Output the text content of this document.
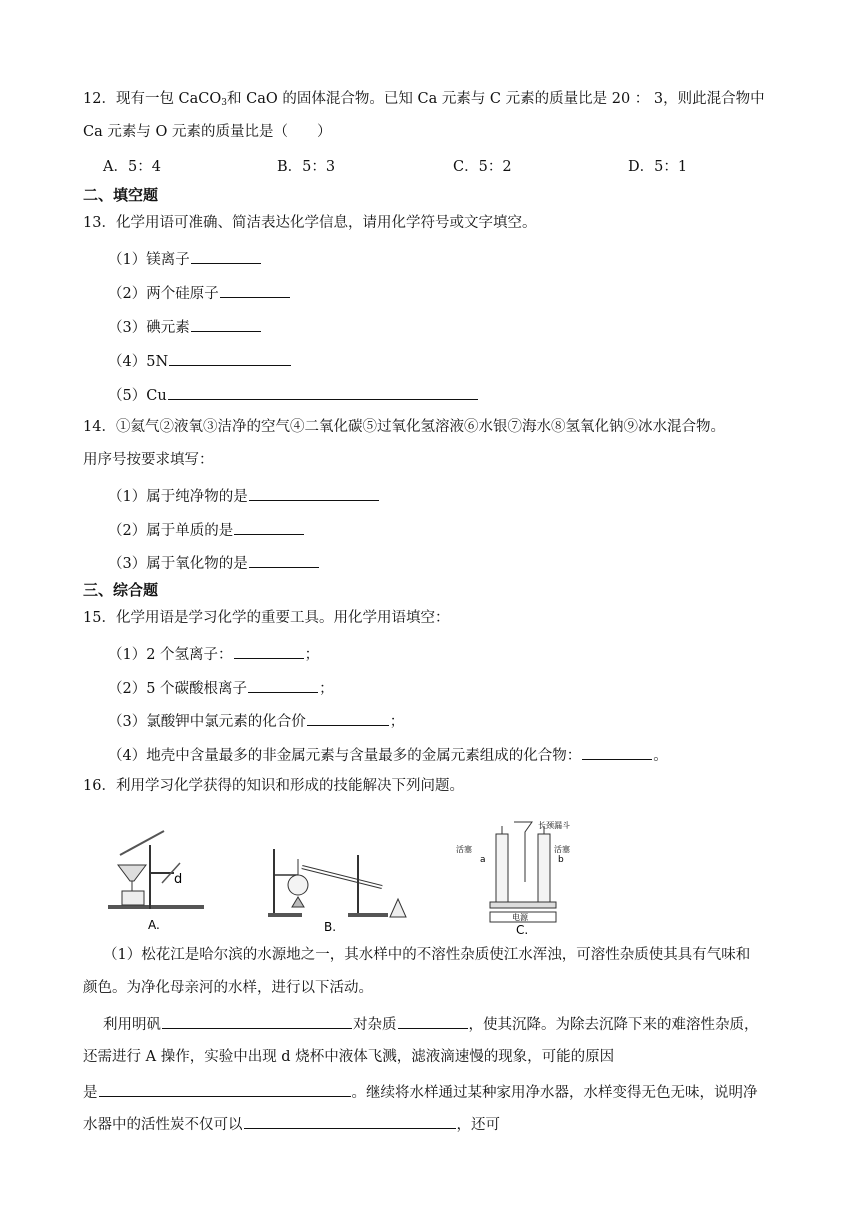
12．现有一包 CaCO$_3$和 CaO 的固体混合物。已知 Ca 元素与 C 元素的质量比是 20 ： 3，则此混合物中
Ca 元素与 O 元素的质量比是（　　）
A．5：4	B．5：3	C．5：2	D．5：1
二、填空题
13．化学用语可准确、简洁表达化学信息，请用化学符号或文字填空。
（1）镁离子
（2）两个硅原子
（3）碘元素
（4）5N
（5）Cu
14．①氦气②液氧③洁净的空气④二氧化碳⑤过氧化氢溶液⑥水银⑦海水⑧氢氧化钠⑨冰水混合物。
用序号按要求填写：
（1）属于纯净物的是
（2）属于单质的是
（3）属于氧化物的是
三、综合题
15．化学用语是学习化学的重要工具。用化学用语填空：
（1）2 个氢离子：	；
（2）5 个碳酸根离子	；
（3）氯酸钾中氯元素的化合价	；
（4）地壳中含量最多的非金属元素与含量最多的金属元素组成的化合物：	。
16．利用学习化学获得的知识和形成的技能解决下列问题。
d
A.	B.
长颈漏斗
活塞	活塞
a	b
电源
C.
（1）松花江是哈尔滨的水源地之一，其水样中的不溶性杂质使江水浑浊，可溶性杂质使其具有气味和
颜色。为净化母亲河的水样，进行以下活动。
利用明矾	对杂质	，使其沉降。为除去沉降下来的难溶性杂质，
还需进行 A 操作，实验中出现 d 烧杯中液体飞溅，滤液滴速慢的现象，可能的原因
是	。继续将水样通过某种家用净水器，水样变得无色无味，说明净
水器中的活性炭不仅可以	，还可
